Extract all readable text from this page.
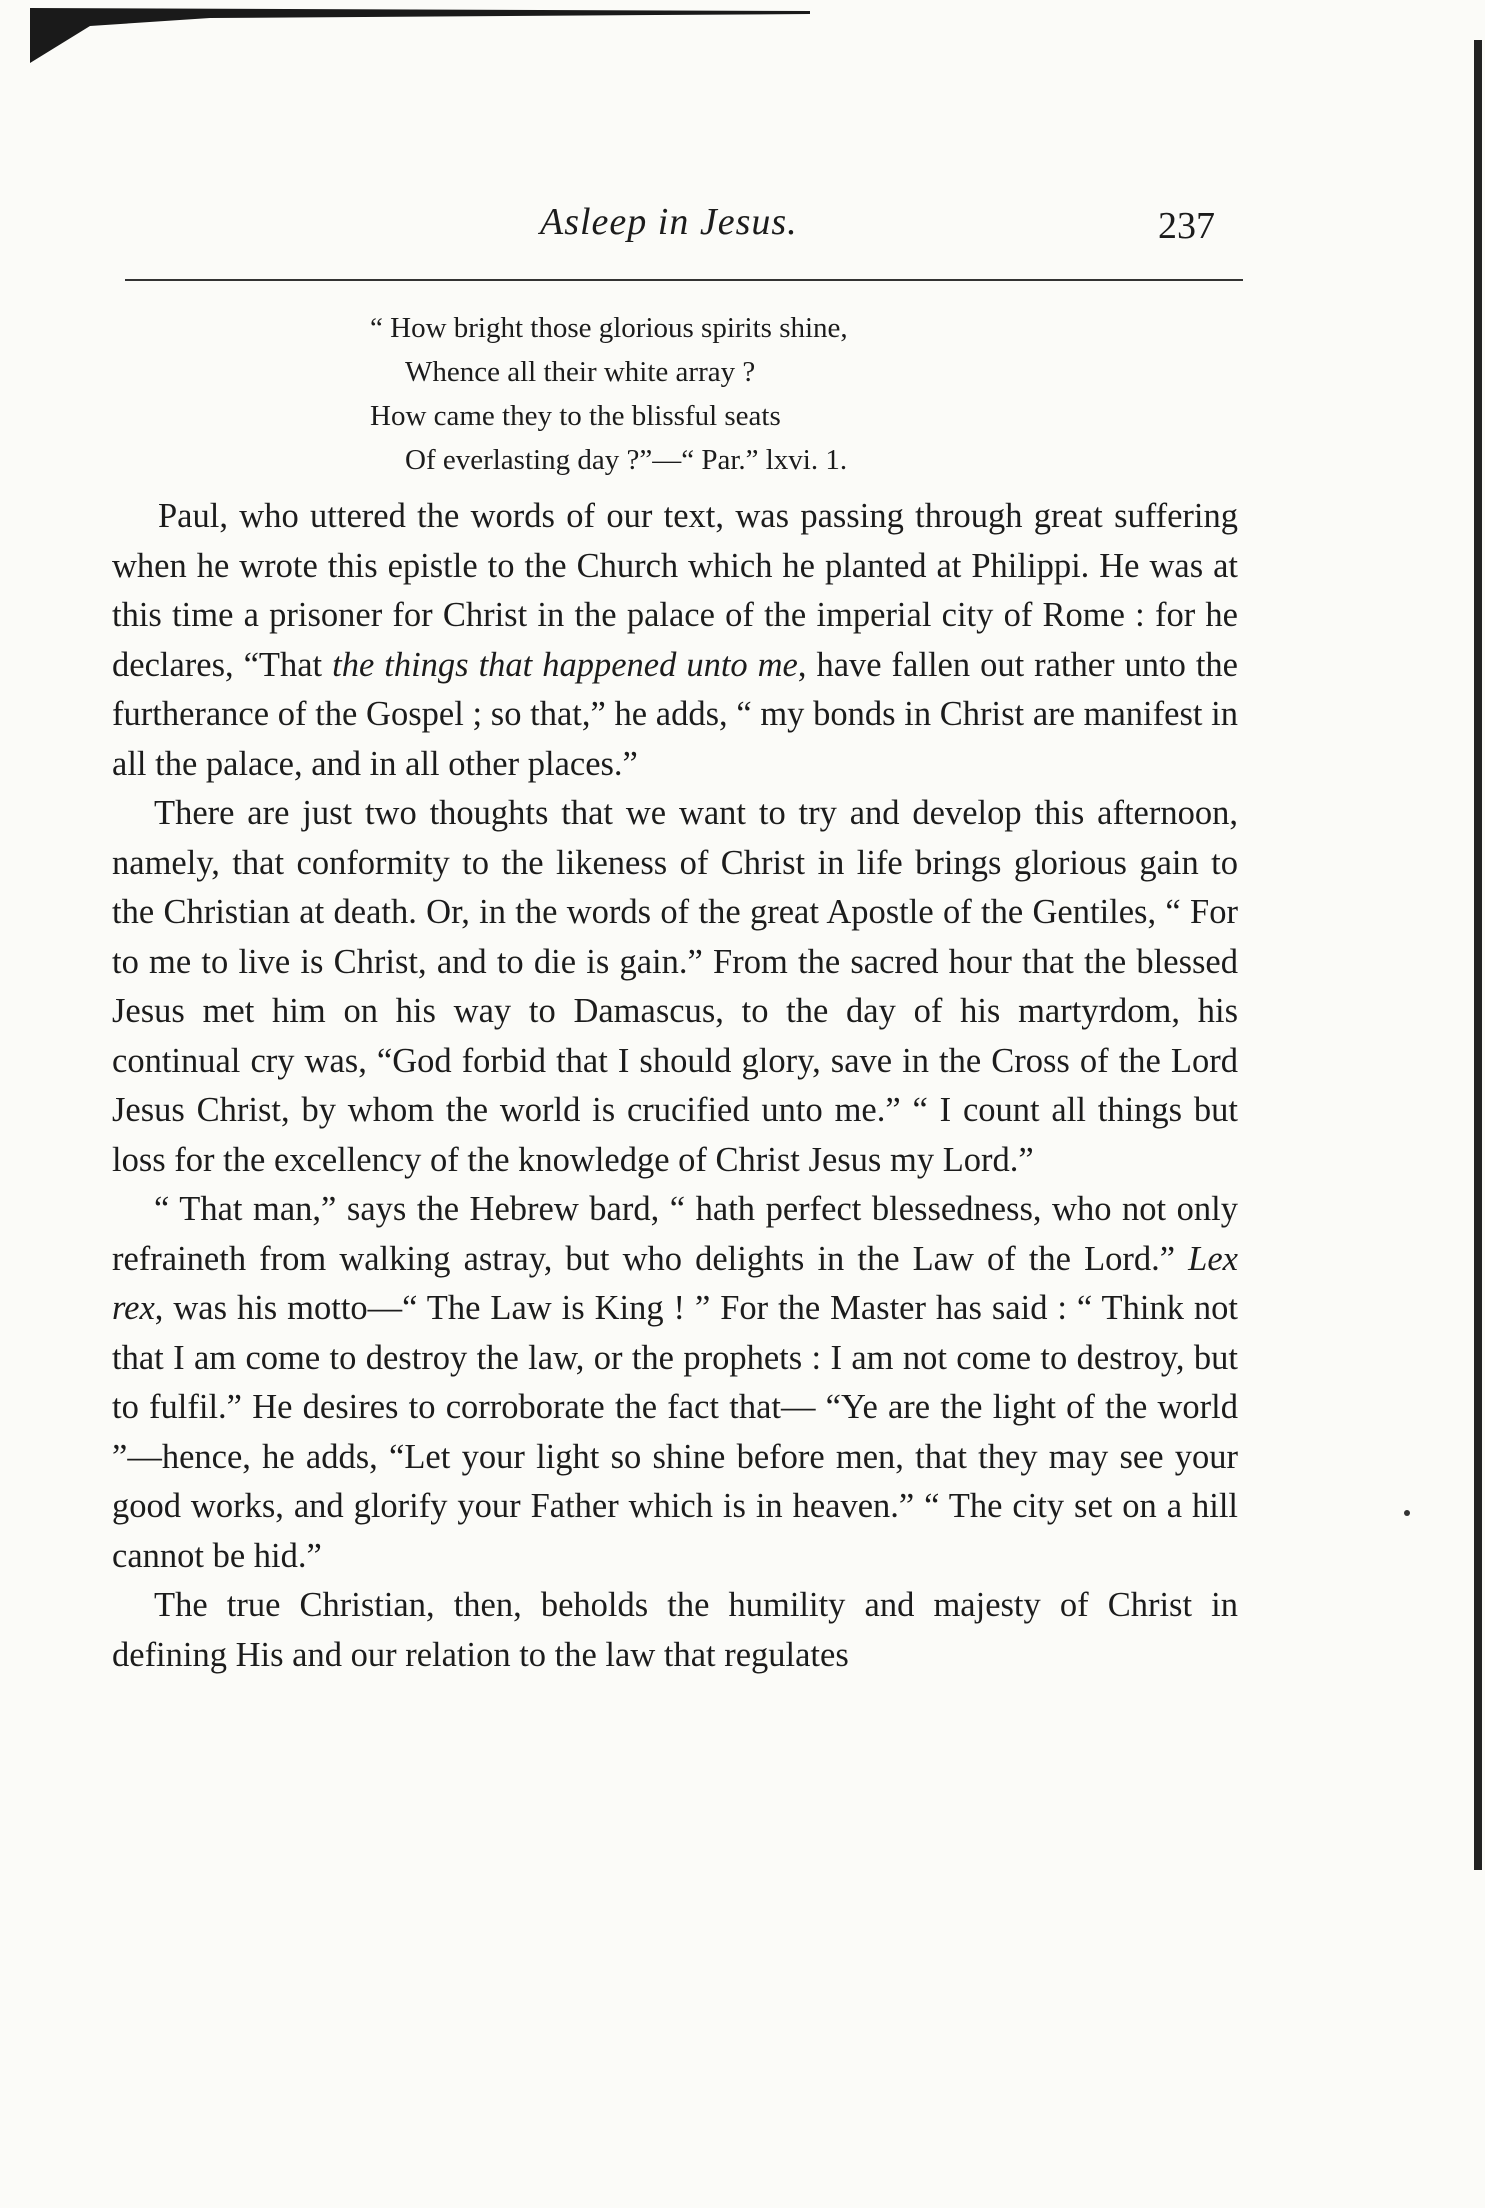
Asleep in Jesus.	237
“ How bright those glorious spirits shine,
Whence all their white array ?
How came they to the blissful seats
Of everlasting day ?”—“ Par.” lxvi. 1.

Paul, who uttered the words of our text, was passing through great suffering when he wrote this epistle to the Church which he planted at Philippi. He was at this time a prisoner for Christ in the palace of the imperial city of Rome : for he declares, “That the things that happened unto me, have fallen out rather unto the furtherance of the Gospel ; so that,” he adds, “ my bonds in Christ are manifest in all the palace, and in all other places.”

There are just two thoughts that we want to try and develop this afternoon, namely, that conformity to the likeness of Christ in life brings glorious gain to the Christian at death. Or, in the words of the great Apostle of the Gentiles, “ For to me to live is Christ, and to die is gain.” From the sacred hour that the blessed Jesus met him on his way to Damascus, to the day of his martyrdom, his continual cry was, “God forbid that I should glory, save in the Cross of the Lord Jesus Christ, by whom the world is crucified unto me.” “ I count all things but loss for the excellency of the knowledge of Christ Jesus my Lord.”

“ That man,” says the Hebrew bard, “ hath perfect blessedness, who not only refraineth from walking astray, but who delights in the Law of the Lord.” Lex rex, was his motto—“ The Law is King ! ” For the Master has said : “ Think not that I am come to destroy the law, or the prophets : I am not come to destroy, but to fulfil.” He desires to corroborate the fact that— “Ye are the light of the world ”—hence, he adds, “Let your light so shine before men, that they may see your good works, and glorify your Father which is in heaven.” “ The city set on a hill cannot be hid.”

The true Christian, then, beholds the humility and majesty of Christ in defining His and our relation to the law that regulates
